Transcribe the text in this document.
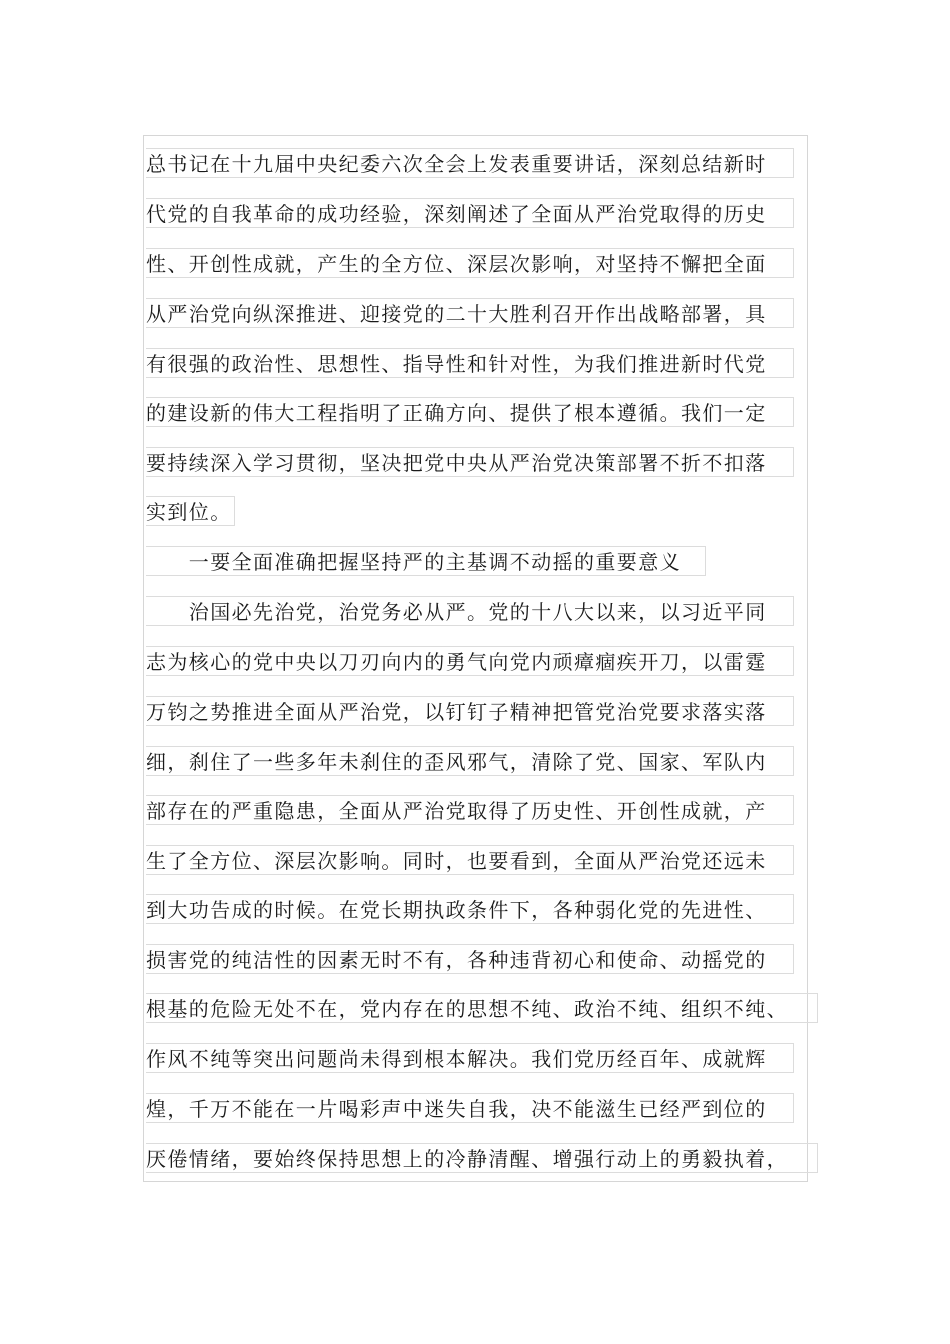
总书记在十九届中央纪委六次全会上发表重要讲话，深刻总结新时
代党的自我革命的成功经验，深刻阐述了全面从严治党取得的历史
性、开创性成就，产生的全方位、深层次影响，对坚持不懈把全面
从严治党向纵深推进、迎接党的二十大胜利召开作出战略部署，具
有很强的政治性、思想性、指导性和针对性，为我们推进新时代党
的建设新的伟大工程指明了正确方向、提供了根本遵循。我们一定
要持续深入学习贯彻，坚决把党中央从严治党决策部署不折不扣落
实到位。
　　一要全面准确把握坚持严的主基调不动摇的重要意义
　　治国必先治党，治党务必从严。党的十八大以来，以习近平同
志为核心的党中央以刀刃向内的勇气向党内顽瘴痼疾开刀，以雷霆
万钧之势推进全面从严治党，以钉钉子精神把管党治党要求落实落
细，刹住了一些多年未刹住的歪风邪气，清除了党、国家、军队内
部存在的严重隐患，全面从严治党取得了历史性、开创性成就，产
生了全方位、深层次影响。同时，也要看到，全面从严治党还远未
到大功告成的时候。在党长期执政条件下，各种弱化党的先进性、
损害党的纯洁性的因素无时不有，各种违背初心和使命、动摇党的
根基的危险无处不在，党内存在的思想不纯、政治不纯、组织不纯、
作风不纯等突出问题尚未得到根本解决。我们党历经百年、成就辉
煌，千万不能在一片喝彩声中迷失自我，决不能滋生已经严到位的
厌倦情绪，要始终保持思想上的冷静清醒、增强行动上的勇毅执着，
